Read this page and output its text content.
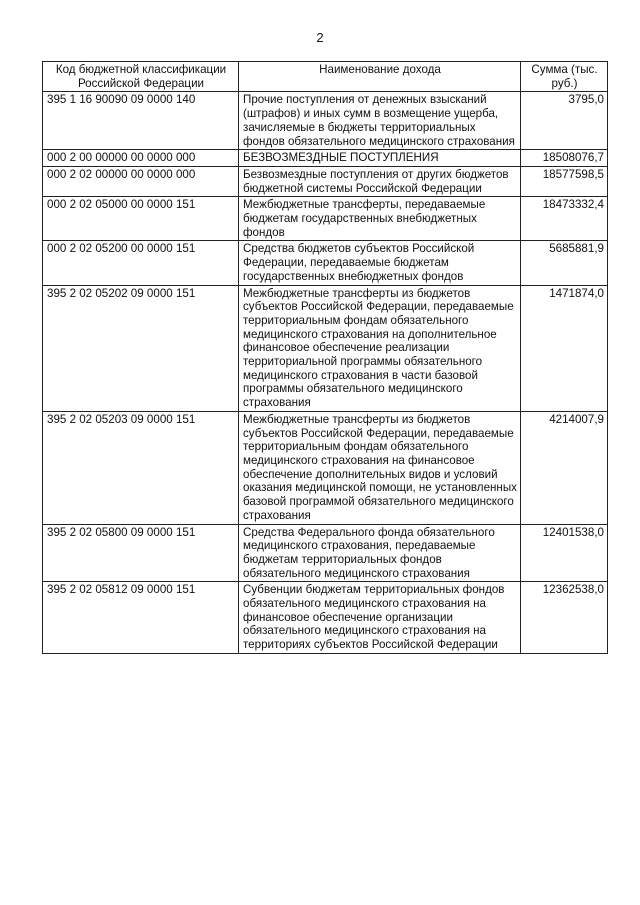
2
Код бюджетной классификации Российской Федерации	Наименование дохода	Сумма (тыс. руб.)
395 1 16 90090 09 0000 140	Прочие поступления от денежных взысканий (штрафов) и иных сумм в возмещение ущерба, зачисляемые в бюджеты территориальных фондов обязательного медицинского страхования	3795,0
000 2 00 00000 00 0000 000	БЕЗВОЗМЕЗДНЫЕ ПОСТУПЛЕНИЯ	18508076,7
000 2 02 00000 00 0000 000	Безвозмездные поступления от других бюджетов бюджетной системы Российской Федерации	18577598,5
000 2 02 05000 00 0000 151	Межбюджетные трансферты, передаваемые бюджетам государственных внебюджетных фондов	18473332,4
000 2 02 05200 00 0000 151	Средства бюджетов субъектов Российской Федерации, передаваемые бюджетам государственных внебюджетных фондов	5685881,9
395 2 02 05202 09 0000 151	Межбюджетные трансферты из бюджетов субъектов Российской Федерации, передаваемые территориальным фондам обязательного медицинского страхования на дополнительное финансовое обеспечение реализации территориальной программы обязательного медицинского страхования в части базовой программы обязательного медицинского страхования	1471874,0
395 2 02 05203 09 0000 151	Межбюджетные трансферты из бюджетов субъектов Российской Федерации, передаваемые территориальным фондам обязательного медицинского страхования на финансовое обеспечение дополнительных видов и условий оказания медицинской помощи, не установленных базовой программой обязательного медицинского страхования	4214007,9
395 2 02 05800 09 0000 151	Средства Федерального фонда обязательного медицинского страхования, передаваемые бюджетам территориальных фондов обязательного медицинского страхования	12401538,0
395 2 02 05812 09 0000 151	Субвенции бюджетам территориальных фондов обязательного медицинского страхования на финансовое обеспечение организации обязательного медицинского страхования на территориях субъектов Российской Федерации	12362538,0
